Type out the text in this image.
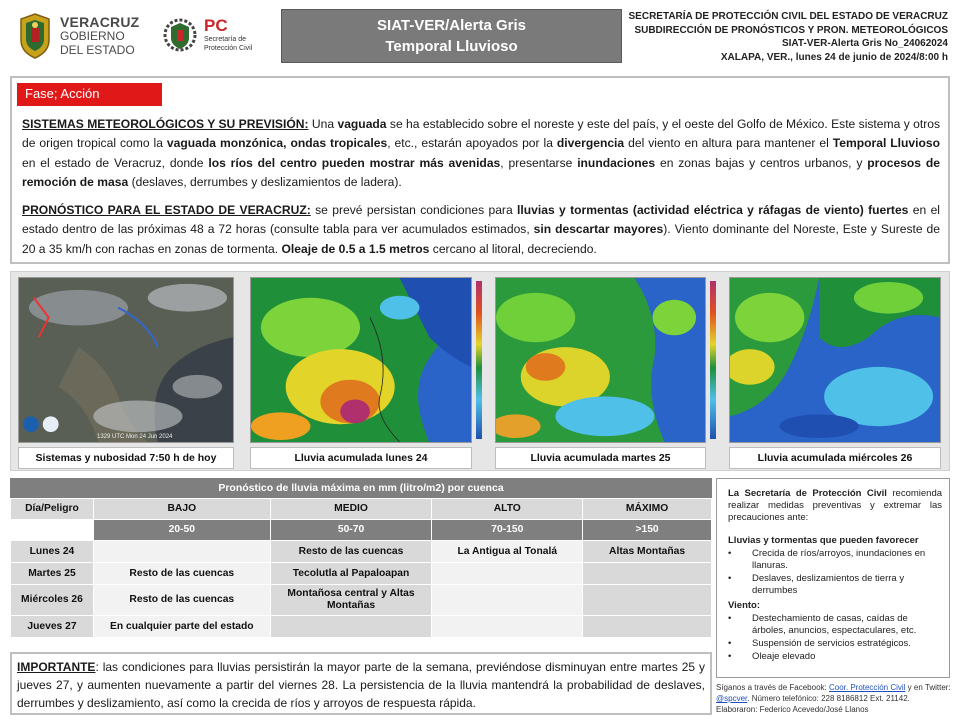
VERACRUZ
GOBIERNO
DEL ESTADO
PC
Secretaría de
Protección Civil
SIAT-VER/Alerta Gris
Temporal Lluvioso
SECRETARÍA DE PROTECCIÓN CIVIL DEL ESTADO DE VERACRUZ
SUBDIRECCIÓN DE PRONÓSTICOS Y PRON. METEOROLÓGICOS
SIAT-VER-Alerta Gris No_24062024
XALAPA, VER., lunes 24 de junio de 2024/8:00 h
Fase; Acción

SISTEMAS METEOROLÓGICOS Y SU PREVISIÓN: Una vaguada se ha establecido sobre el noreste y este del país, y el oeste del Golfo de México. Este sistema y otros de origen tropical como la vaguada monzónica, ondas tropicales, etc., estarán apoyados por la divergencia del viento en altura para mantener el Temporal Lluvioso en el estado de Veracruz, donde los ríos del centro pueden mostrar más avenidas, presentarse inundaciones en zonas bajas y centros urbanos, y procesos de remoción de masa (deslaves, derrumbes y deslizamientos de ladera).

PRONÓSTICO PARA EL ESTADO DE VERACRUZ: se prevé persistan condiciones para lluvias y tormentas (actividad eléctrica y ráfagas de viento) fuertes en el estado dentro de las próximas 48 a 72 horas (consulte tabla para ver acumulados estimados, sin descartar mayores). Viento dominante del Noreste, Este y Sureste de 20 a 35 km/h con rachas en zonas de tormenta. Oleaje de 0.5 a 1.5 metros cercano al litoral, decreciendo.

1329 UTC Mon 24 Jun 2024
Sistemas y nubosidad 7:50 h de hoy	Lluvia acumulada lunes 24	Lluvia acumulada martes 25	Lluvia acumulada miércoles 26
Pronóstico de lluvia máxima en mm (litro/m2) por cuenca
Día/Peligro	BAJO	MEDIO	ALTO	MÁXIMO
	20-50	50-70	70-150	>150
Lunes 24		Resto de las cuencas	La Antigua al Tonalá	Altas Montañas
Martes 25	Resto de las cuencas	Tecolutla al Papaloapan		
Miércoles 26	Resto de las cuencas	Montañosa central y Altas Montañas		
Jueves 27	En cualquier parte del estado			
IMPORTANTE: las condiciones para lluvias persistirán la mayor parte de la semana, previéndose disminuyan entre martes 25 y jueves 27, y aumenten nuevamente a partir del viernes 28. La persistencia de la lluvia mantendrá la probabilidad de deslaves, derrumbes y deslizamiento, así como la crecida de ríos y arroyos de respuesta rápida.
La Secretaría de Protección Civil recomienda realizar medidas preventivas y extremar las precauciones ante:
Lluvias y tormentas que pueden favorecer
• Crecida de ríos/arroyos, inundaciones en llanuras.
• Deslaves, deslizamientos de tierra y derrumbes
Viento:
• Destechamiento de casas, caídas de árboles, anuncios, espectaculares, etc.
• Suspensión de servicios estratégicos.
• Oleaje elevado
Síganos a través de Facebook: Coor. Protección Civil y en Twitter: @spcver. Número telefónico: 228 8186812 Ext. 21142. Elaboraron: Federico Acevedo/José Llanos
